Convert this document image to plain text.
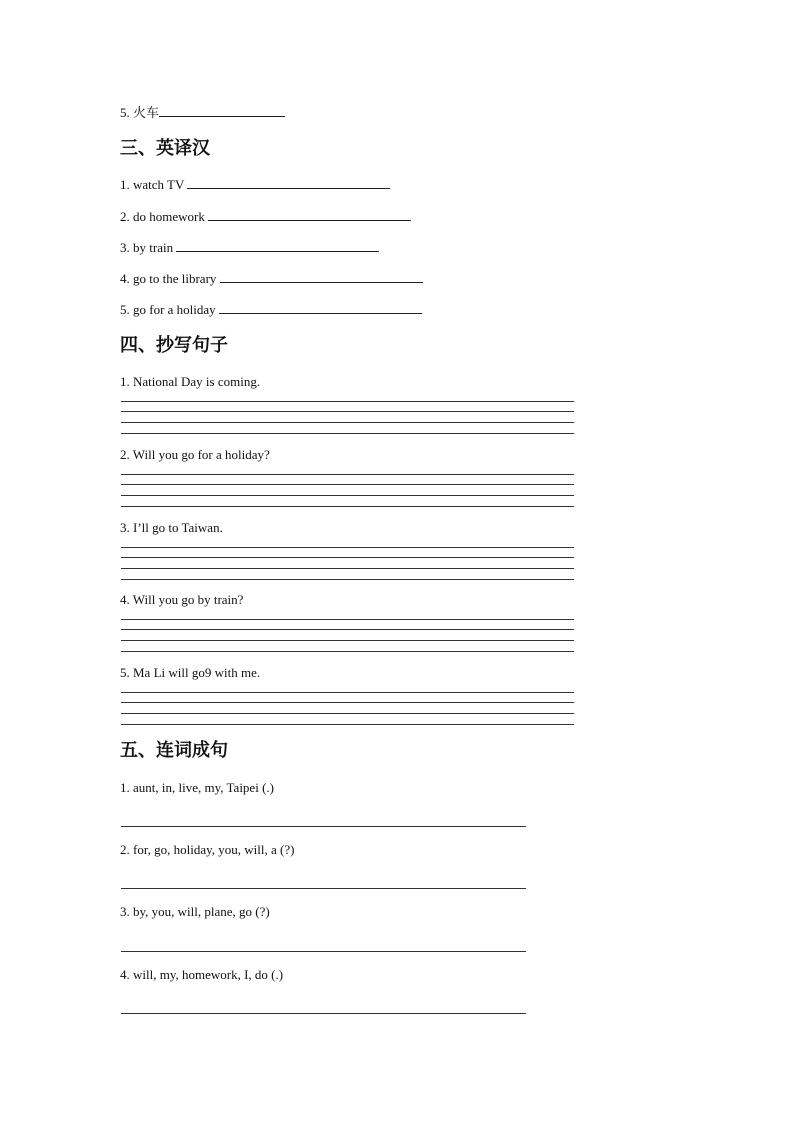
5. 火车
三、英译汉
1. watch TV
2. do homework
3. by train
4. go to the library
5. go for a holiday
四、抄写句子
1. National Day is coming.
2. Will you go for a holiday?
3. I’ll go to Taiwan.
4. Will you go by train?
5. Ma Li will go9 with me.
五、连词成句
1. aunt, in, live, my, Taipei (.)
2. for, go, holiday, you, will, a (?)
3. by, you, will, plane, go (?)
4. will, my, homework, I, do (.)
